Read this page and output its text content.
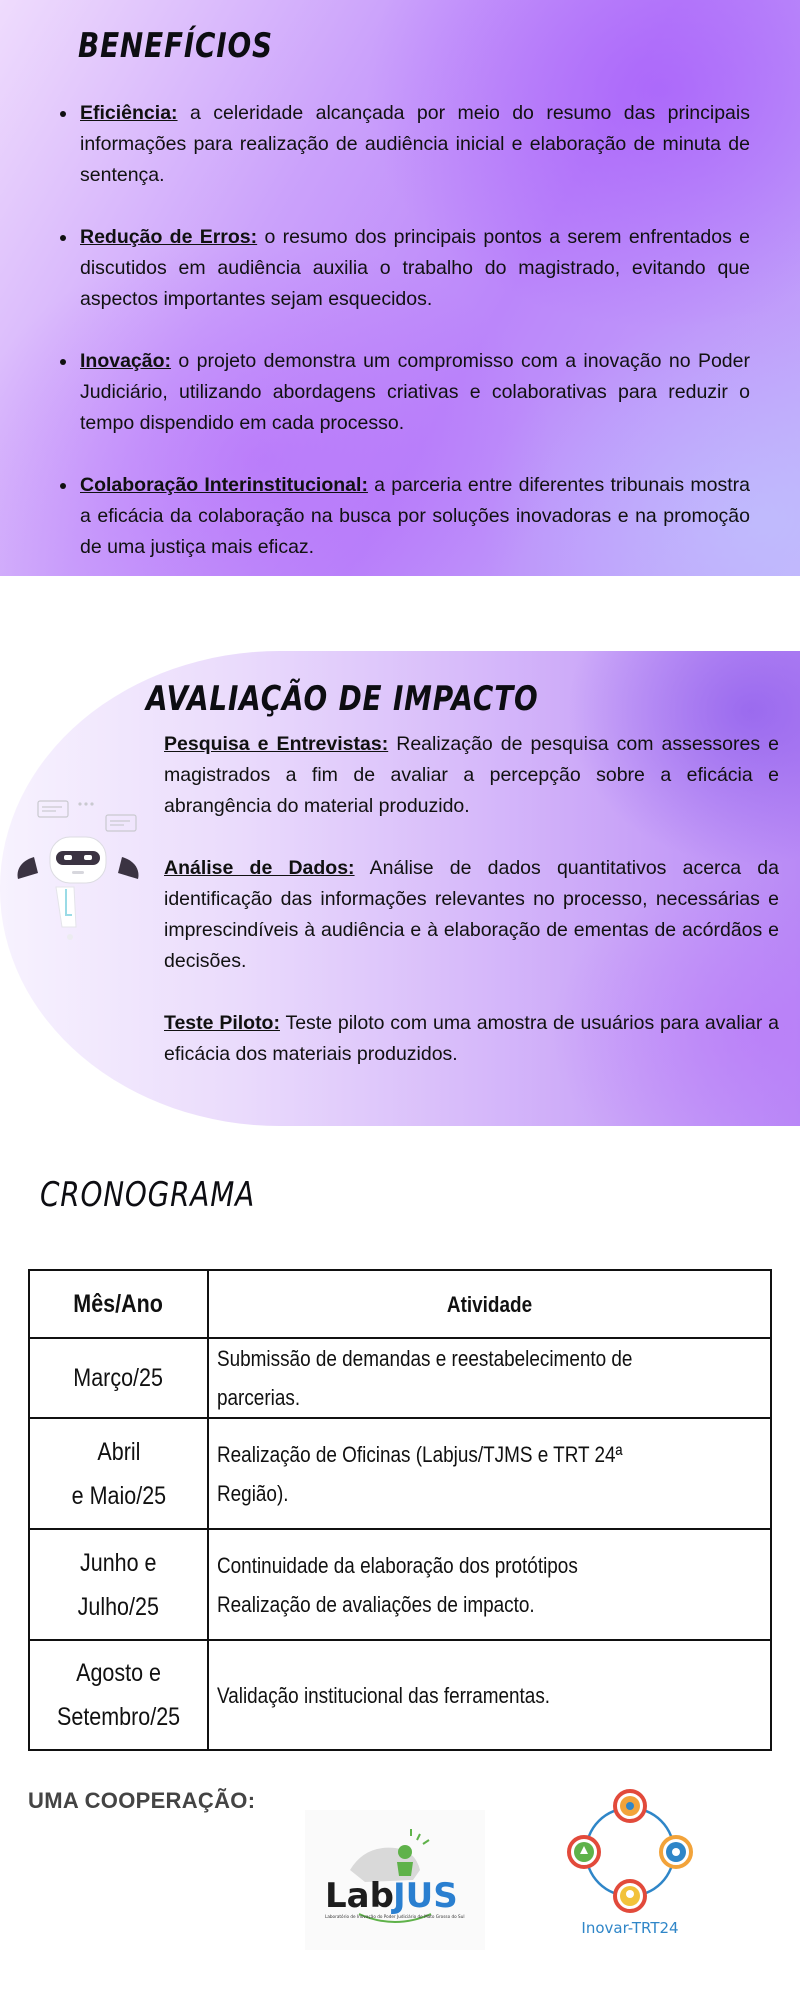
BENEFÍCIOS
Eficiência: a celeridade alcançada por meio do resumo das principais informações para realização de audiência inicial e elaboração de minuta de sentença.
Redução de Erros: o resumo dos principais pontos a serem enfrentados e discutidos em audiência auxilia o trabalho do magistrado, evitando que aspectos importantes sejam esquecidos.
Inovação: o projeto demonstra um compromisso com a inovação no Poder Judiciário, utilizando abordagens criativas e colaborativas para reduzir o tempo dispendido em cada processo.
Colaboração Interinstitucional: a parceria entre diferentes tribunais mostra a eficácia da colaboração na busca por soluções inovadoras e na promoção de uma justiça mais eficaz.
AVALIAÇÃO DE IMPACTO

Pesquisa e Entrevistas: Realização de pesquisa com assessores e magistrados a fim de avaliar a percepção sobre a eficácia e abrangência do material produzido.

Análise de Dados: Análise de dados quantitativos acerca da identificação das informações relevantes no processo, necessárias e imprescindíveis à audiência e à elaboração de ementas de acórdãos e decisões.

Teste Piloto: Teste piloto com uma amostra de usuários para avaliar a eficácia dos materiais produzidos.

CRONOGRAMA
Mês/Ano	Atividade
Março/25	Submissão de demandas e reestabelecimento de parcerias.
Abril
e Maio/25	Realização de Oficinas (Labjus/TJMS e TRT 24ª Região).
Junho e
Julho/25	Continuidade da elaboração dos protótipos
Realização de avaliações de impacto.
Agosto e
Setembro/25	Validação institucional das ferramentas.
UMA COOPERAÇÃO:
Lab JUS
Laboratório de Inovação do Poder Judiciário de Mato Grosso do Sul
Inovar-TRT24
